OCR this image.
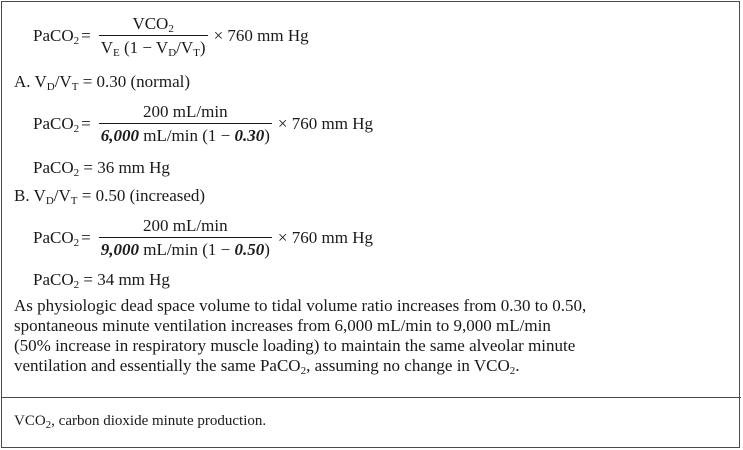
PaCO$_2$ = $\frac{VCO_2}{V_E (1 - V_D/V_T)} \times 760$ mm Hg
A. $V_D/V_T = 0.30$ (normal)
PaCO$_2$ = $\frac{200 mL/\min}{6,000 mL/\min (1 - 0.30)} \times 760$ mm Hg
PaCO$_2$ = 36 mm Hg
B. $V_D/V_T = 0.50$ (increased)
PaCO$_2$ = $\frac{200 mL/\min}{9,000 mL/\min (1 - 0.50)} \times 760$ mm Hg
PaCO$_2$ = 34 mm Hg
As physiologic dead space volume to tidal volume ratio increases from 0.30 to 0.50,
spontaneous minute ventilation increases from 6,000 mL/min to 9,000 mL/min
(50% increase in respiratory muscle loading) to maintain the same alveolar minute
ventilation and essentially the same PaCO$_2$, assuming no change in $VCO_2$.
$VCO_2$, carbon dioxide minute production.
